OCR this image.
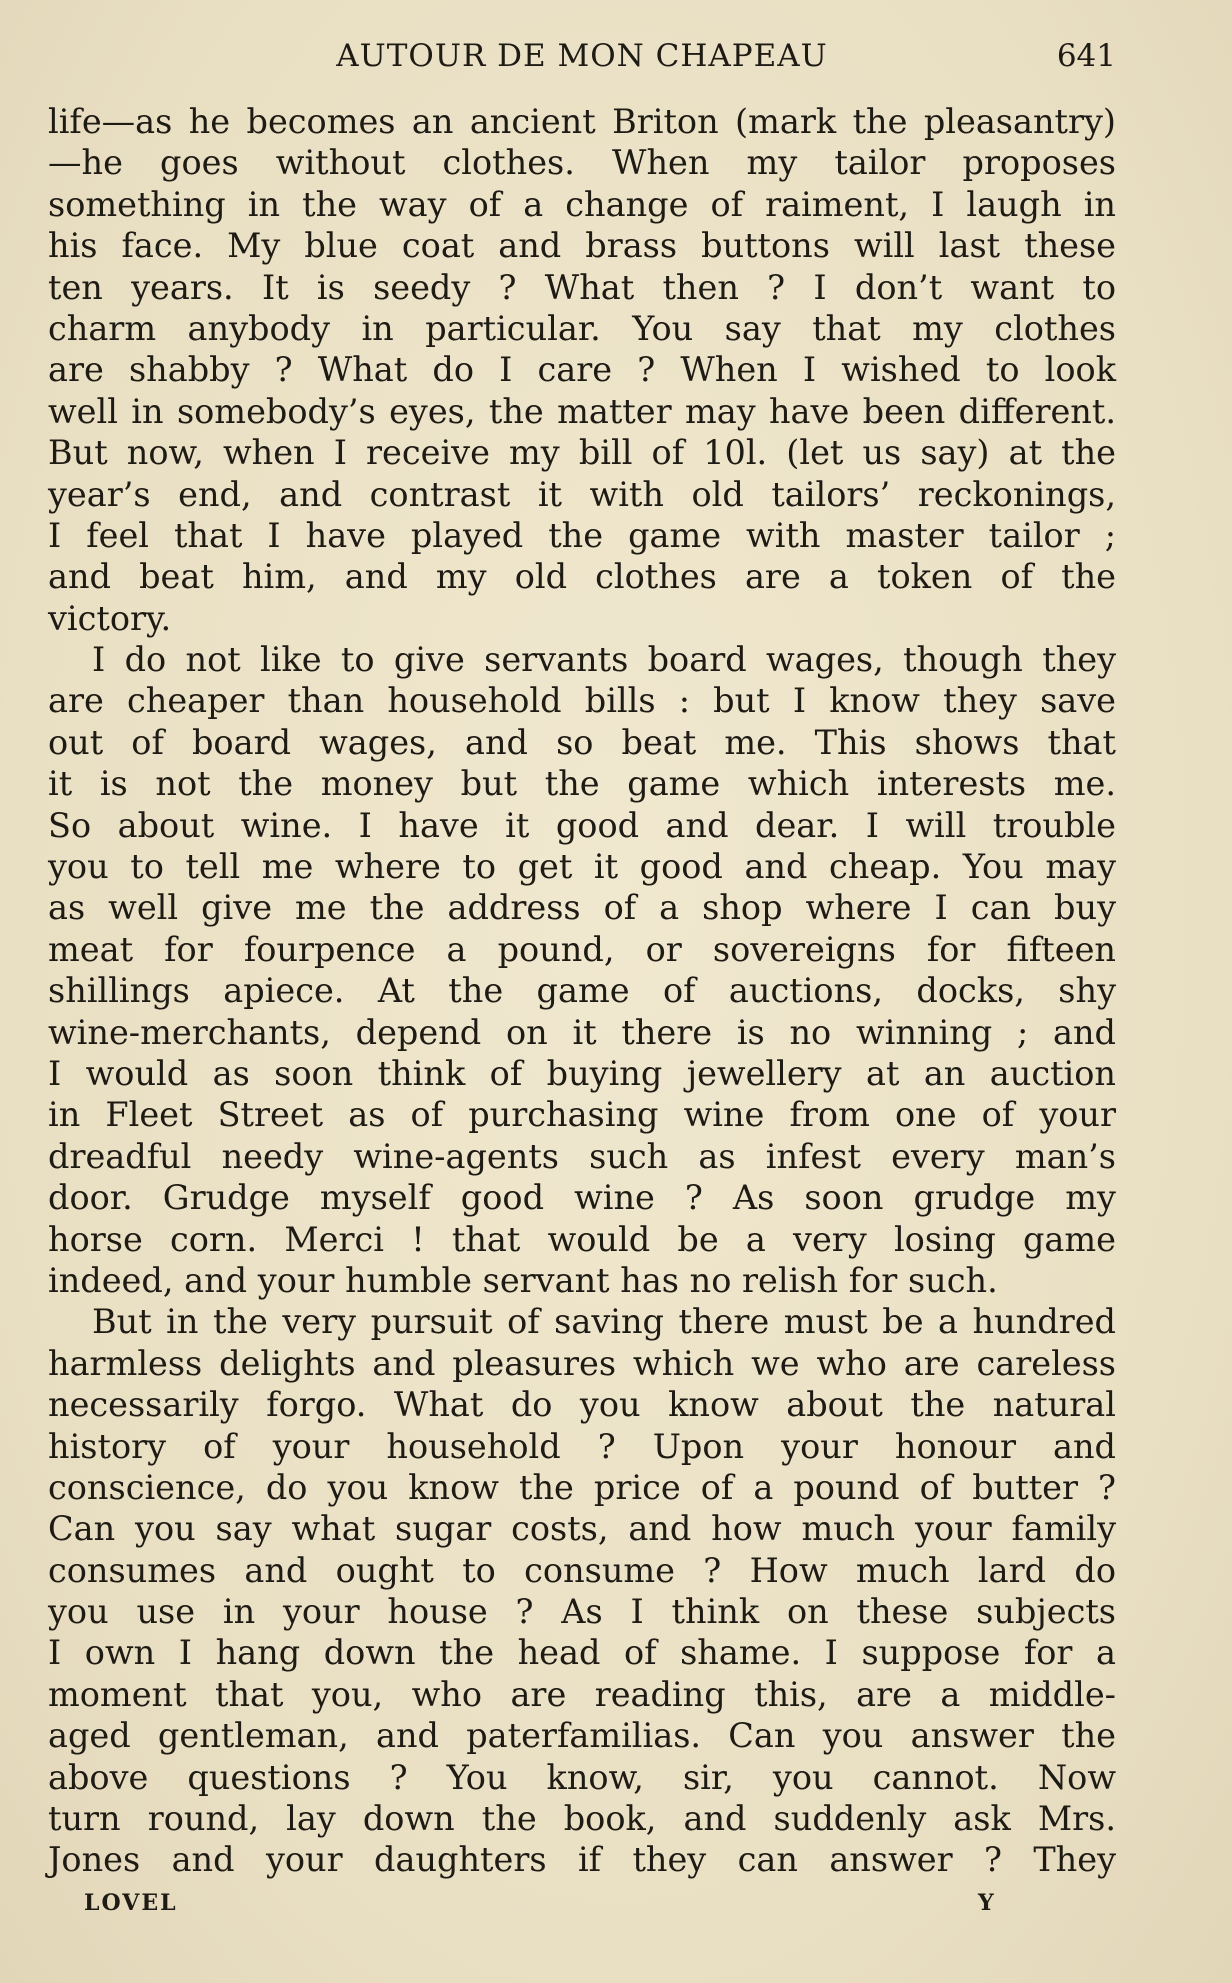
AUTOUR DE MON CHAPEAU	641
life—as he becomes an ancient Briton (mark the pleasantry)
—he goes without clothes. When my tailor proposes
something in the way of a change of raiment, I laugh in
his face. My blue coat and brass buttons will last these
ten years. It is seedy ? What then ? I don’t want to
charm anybody in particular. You say that my clothes
are shabby ? What do I care ? When I wished to look
well in somebody’s eyes, the matter may have been different.
But now, when I receive my bill of 10l. (let us say) at the
year’s end, and contrast it with old tailors’ reckonings,
I feel that I have played the game with master tailor ;
and beat him, and my old clothes are a token of the
victory.
I do not like to give servants board wages, though they
are cheaper than household bills : but I know they save
out of board wages, and so beat me. This shows that
it is not the money but the game which interests me.
So about wine. I have it good and dear. I will trouble
you to tell me where to get it good and cheap. You may
as well give me the address of a shop where I can buy
meat for fourpence a pound, or sovereigns for fifteen
shillings apiece. At the game of auctions, docks, shy
wine-merchants, depend on it there is no winning ; and
I would as soon think of buying jewellery at an auction
in Fleet Street as of purchasing wine from one of your
dreadful needy wine-agents such as infest every man’s
door. Grudge myself good wine ? As soon grudge my
horse corn. Merci ! that would be a very losing game
indeed, and your humble servant has no relish for such.
But in the very pursuit of saving there must be a hundred
harmless delights and pleasures which we who are careless
necessarily forgo. What do you know about the natural
history of your household ? Upon your honour and
conscience, do you know the price of a pound of butter ?
Can you say what sugar costs, and how much your family
consumes and ought to consume ? How much lard do
you use in your house ? As I think on these subjects
I own I hang down the head of shame. I suppose for a
moment that you, who are reading this, are a middle-
aged gentleman, and paterfamilias. Can you answer the
above questions ? You know, sir, you cannot. Now
turn round, lay down the book, and suddenly ask Mrs.
Jones and your daughters if they can answer ? They
LOVEL	Y
